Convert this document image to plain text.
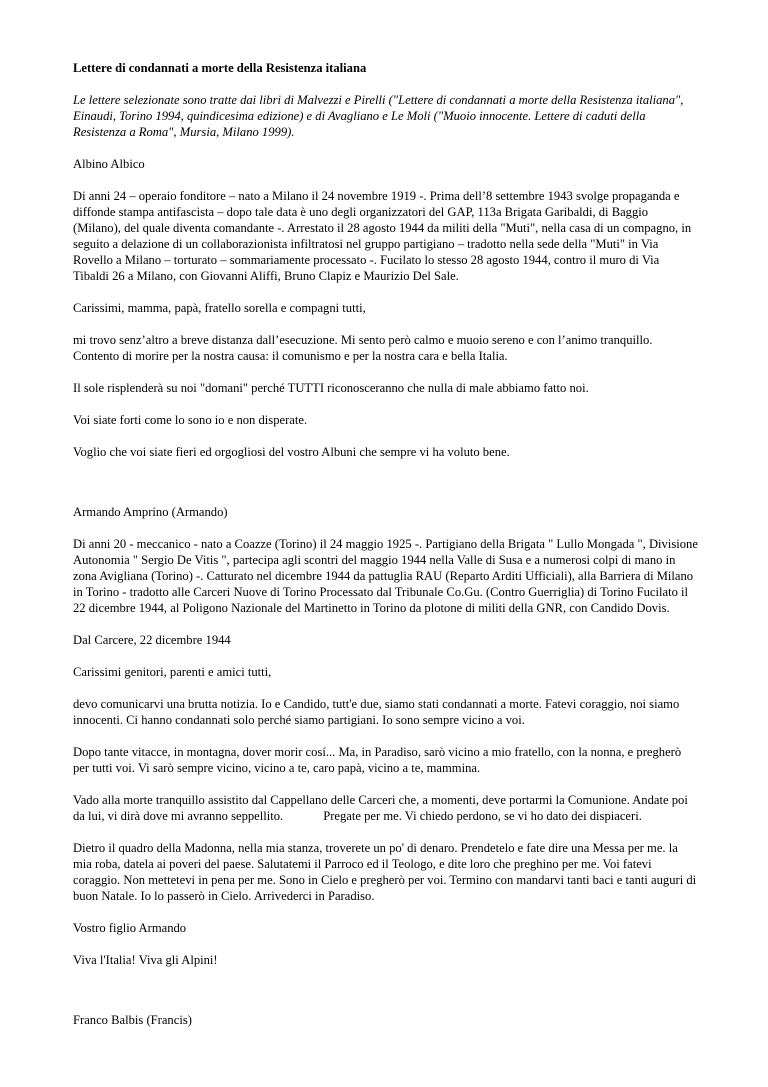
Lettere di condannati a morte della Resistenza italiana

Le lettere selezionate sono tratte dai libri di Malvezzi e Pirelli ("Lettere di condannati a morte della Resistenza italiana", Einaudi, Torino 1994, quindicesima edizione) e di Avagliano e Le Moli ("Muoio innocente. Lettere di caduti della Resistenza a Roma", Mursia, Milano 1999).

Albino Albico

Di anni 24 – operaio fonditore – nato a Milano il 24 novembre 1919 -. Prima dell’8 settembre 1943 svolge propaganda e diffonde stampa antifascista – dopo tale data è uno degli organizzatori del GAP, 113a Brigata Garibaldi, di Baggio (Milano), del quale diventa comandante -. Arrestato il 28 agosto 1944 da militi della "Muti", nella casa di un compagno, in seguito a delazione di un collaborazionista infiltratosi nel gruppo partigiano – tradotto nella sede della "Muti" in Via Rovello a Milano – torturato – sommariamente processato -. Fucilato lo stesso 28 agosto 1944, contro il muro di Via Tibaldi 26 a Milano, con Giovanni Aliffi, Bruno Clapiz e Maurizio Del Sale.

Carissimi, mamma, papà, fratello sorella e compagni tutti,

mi trovo senz’altro a breve distanza dall’esecuzione. Mi sento però calmo e muoio sereno e con l’animo tranquillo. Contento di morire per la nostra causa: il comunismo e per la nostra cara e bella Italia.

Il sole risplenderà su noi "domani" perché TUTTI riconosceranno che nulla di male abbiamo fatto noi.

Voi siate forti come lo sono io e non disperate.

Voglio che voi siate fieri ed orgogliosi del vostro Albuni che sempre vi ha voluto bene.

Armando Amprino (Armando)

Di anni 20 - meccanico - nato a Coazze (Torino) il 24 maggio 1925 -. Partigiano della Brigata " Lullo Mongada ", Divisione Autonomia " Sergio De Vitis ", partecipa agli scontri del maggio 1944 nella Valle di Susa e a numerosi colpi di mano in zona Avigliana (Torino) -. Catturato nel dicembre 1944 da pattuglia RAU (Reparto Arditi Ufficiali), alla Barriera di Milano in Torino - tradotto alle Carceri Nuove di Torino Processato dal Tribunale Co.Gu. (Contro Guerriglia) di Torino Fucilato il 22 dicembre 1944, al Poligono Nazionale del Martinetto in Torino da plotone di militi della GNR, con Candido Dovis.

Dal Carcere, 22 dicembre 1944

Carissimi genitori, parenti e amici tutti,

devo comunicarvi una brutta notizia. Io e Candido, tutt'e due, siamo stati condannati a morte. Fatevi coraggio, noi siamo innocenti. Ci hanno condannati solo perché siamo partigiani. Io sono sempre vicino a voi.

Dopo tante vitacce, in montagna, dover morir cosí... Ma, in Paradiso, sarò vicino a mio fratello, con la nonna, e pregherò per tutti voi. Vi sarò sempre vicino, vicino a te, caro papà, vicino a te, mammina.

Vado alla morte tranquillo assistito dal Cappellano delle Carceri che, a momenti, deve portarmi la Comunione. Andate poi da lui, vi dirà dove mi avranno seppellito.	Pregate per me. Vi chiedo perdono, se vi ho dato dei dispiaceri.

Dietro il quadro della Madonna, nella mia stanza, troverete un po' di denaro. Prendetelo e fate dire una Messa per me. la mia roba, datela ai poveri del paese. Salutatemi il Parroco ed il Teologo, e dite loro che preghino per me. Voi fatevi coraggio. Non mettetevi in pena per me. Sono in Cielo e pregherò per voi. Termino con mandarvi tanti baci e tanti auguri di buon Natale. Io lo passerò in Cielo. Arrivederci in Paradiso.

Vostro figlio Armando

Viva l'Italia! Viva gli Alpini!

Franco Balbis (Francis)
